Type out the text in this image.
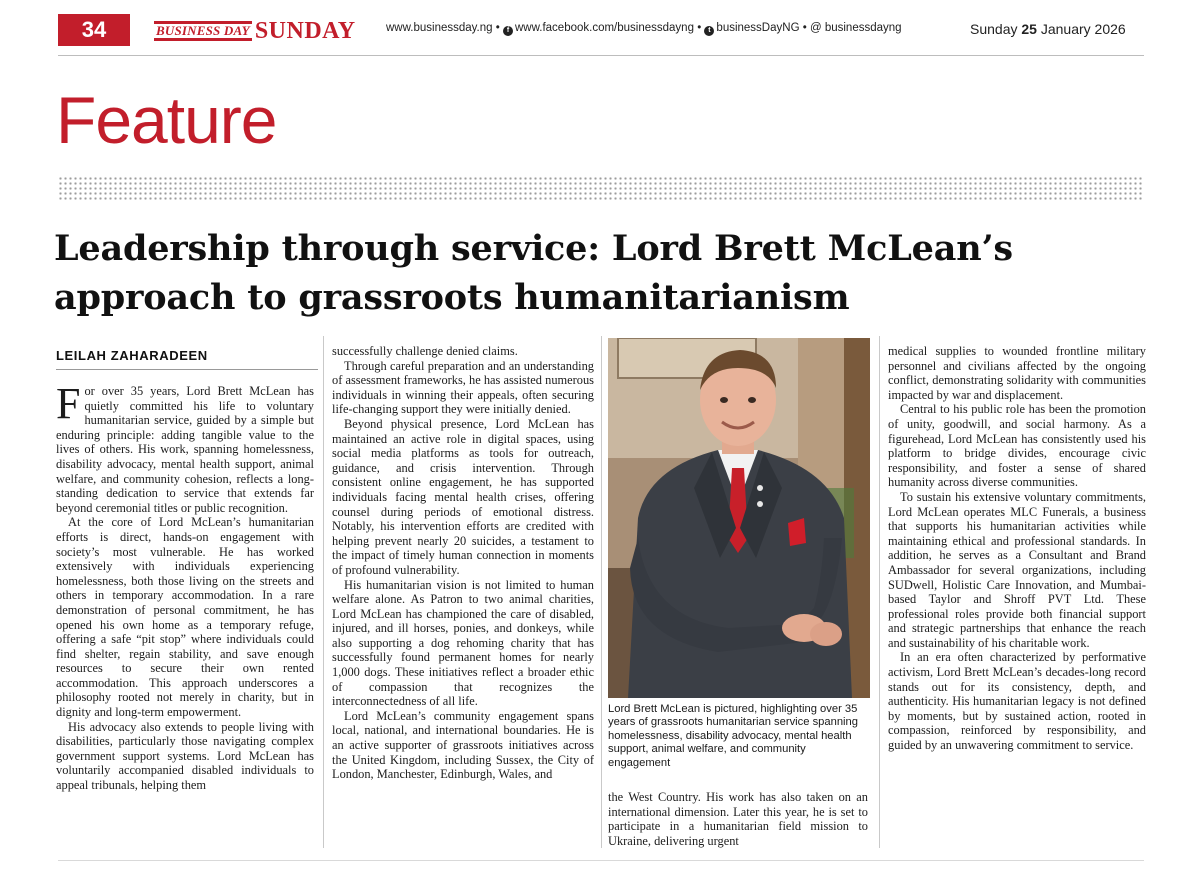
34	BUSINESS DAY SUNDAY	www.businessday.ng • f www.facebook.com/businessdayng • t businessDayNG • @ businessdayng	Sunday 25 January 2026
Feature
Leadership through service: Lord Brett McLean’s
approach to grassroots humanitarianism
LEILAH ZAHARADEEN

For over 35 years, Lord Brett McLean has quietly committed his life to voluntary humanitarian service, guided by a simple but enduring principle: adding tangible value to the lives of others. His work, spanning homelessness, disability advocacy, mental health support, animal welfare, and community cohesion, reflects a long-standing dedication to service that extends far beyond ceremonial titles or public recognition.

At the core of Lord McLean’s humanitarian efforts is direct, hands-on engagement with society’s most vulnerable. He has worked extensively with individuals experiencing homelessness, both those living on the streets and others in temporary accommodation. In a rare demonstration of personal commitment, he has opened his own home as a temporary refuge, offering a safe “pit stop” where individuals could find shelter, regain stability, and save enough resources to secure their own rented accommodation. This approach underscores a philosophy rooted not merely in charity, but in dignity and long-term empowerment.

His advocacy also extends to people living with disabilities, particularly those navigating complex government support systems. Lord McLean has voluntarily accompanied disabled individuals to appeal tribunals, helping them

successfully challenge denied claims.

Through careful preparation and an understanding of assessment frameworks, he has assisted numerous individuals in winning their appeals, often securing life-changing support they were initially denied.

Beyond physical presence, Lord McLean has maintained an active role in digital spaces, using social media platforms as tools for outreach, guidance, and crisis intervention. Through consistent online engagement, he has supported individuals facing mental health crises, offering counsel during periods of emotional distress. Notably, his intervention efforts are credited with helping prevent nearly 20 suicides, a testament to the impact of timely human connection in moments of profound vulnerability.

His humanitarian vision is not limited to human welfare alone. As Patron to two animal charities, Lord McLean has championed the care of disabled, injured, and ill horses, ponies, and donkeys, while also supporting a dog rehoming charity that has successfully found permanent homes for nearly 1,000 dogs. These initiatives reflect a broader ethic of compassion that recognizes the interconnectedness of all life.

Lord McLean’s community engagement spans local, national, and international boundaries. He is an active supporter of grassroots initiatives across the United Kingdom, including Sussex, the City of London, Manchester, Edinburgh, Wales, and

Lord Brett McLean is pictured, highlighting over 35 years of grassroots humanitarian service spanning homelessness, disability advocacy, mental health support, animal welfare, and community engagement

the West Country. His work has also taken on an international dimension. Later this year, he is set to participate in a humanitarian field mission to Ukraine, delivering urgent

medical supplies to wounded frontline military personnel and civilians affected by the ongoing conflict, demonstrating solidarity with communities impacted by war and displacement.

Central to his public role has been the promotion of unity, goodwill, and social harmony. As a figurehead, Lord McLean has consistently used his platform to bridge divides, encourage civic responsibility, and foster a sense of shared humanity across diverse communities.

To sustain his extensive voluntary commitments, Lord McLean operates MLC Funerals, a business that supports his humanitarian activities while maintaining ethical and professional standards. In addition, he serves as a Consultant and Brand Ambassador for several organizations, including SUDwell, Holistic Care Innovation, and Mumbai-based Taylor and Shroff PVT Ltd. These professional roles provide both financial support and strategic partnerships that enhance the reach and sustainability of his charitable work.

In an era often characterized by performative activism, Lord Brett McLean’s decades-long record stands out for its consistency, depth, and authenticity. His humanitarian legacy is not defined by moments, but by sustained action, rooted in compassion, reinforced by responsibility, and guided by an unwavering commitment to service.
